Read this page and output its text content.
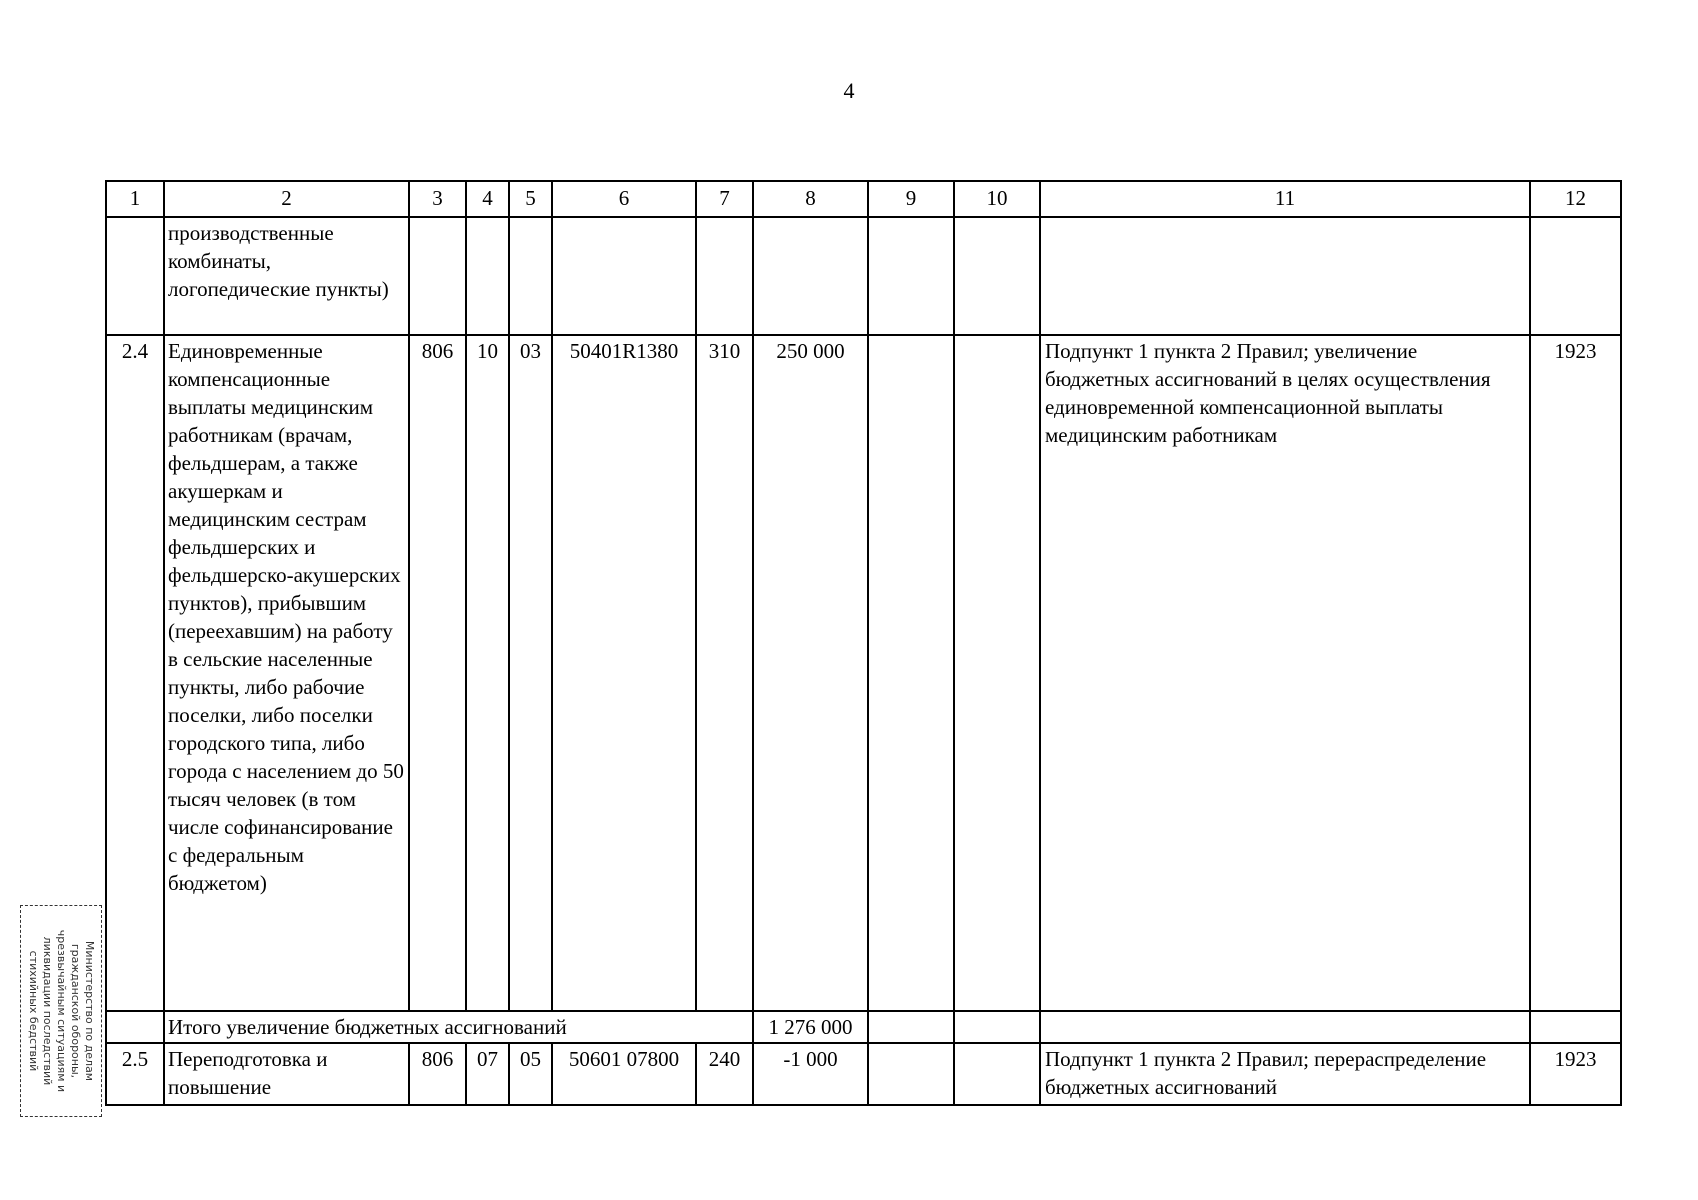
4
1	2	3	4	5	6	7	8	9	10	11	12
	производственные комбинаты, логопедические пункты)										
2.4	Единовременные компенсационные выплаты медицинским работникам (врачам, фельдшерам, а также акушеркам и медицинским сестрам фельдшерских и фельдшерско-акушерских пунктов), прибывшим (переехавшим) на работу в сельские населенные пункты, либо рабочие поселки, либо поселки городского типа, либо города с населением до 50 тысяч человек (в том числе софинансирование с федеральным бюджетом)	806	10	03	50401R1380	310	250 000			Подпункт 1 пункта 2 Правил; увеличение бюджетных ассигнований в целях осуществления единовременной компенсационной выплаты медицинским работникам	1923
	Итого увеличение бюджетных ассигнований						1 276 000				
2.5	Переподготовка и повышение	806	07	05	50601 07800	240	-1 000			Подпункт 1 пункта 2 Правил; перераспределение бюджетных ассигнований	1923
Министерство по делам гражданской обороны, чрезвычайным ситуациям и ликвидации последствий стихийных бедствий
